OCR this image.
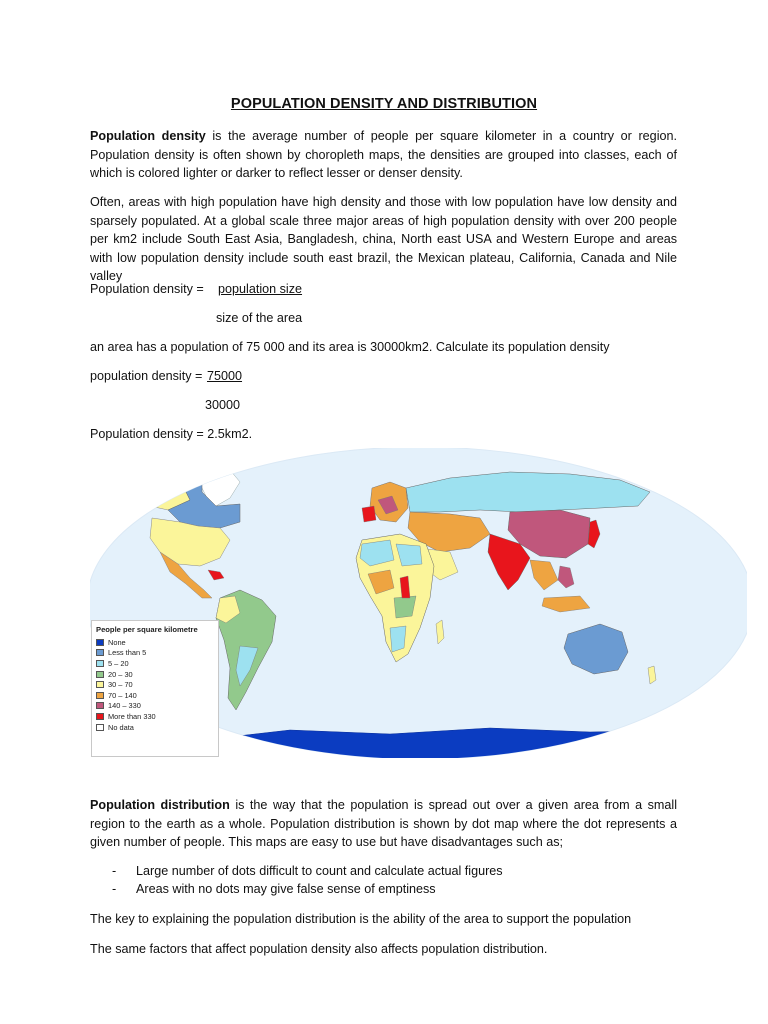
POPULATION DENSITY AND DISTRIBUTION

Population density is the average number of people per square kilometer in a country or region. Population density is often shown by choropleth maps, the densities are grouped into classes, each of which is colored lighter or darker to reflect lesser or denser density.

Often, areas with high population have high density and those with low population have low density and sparsely populated. At a global scale three major areas of high population density with over 200 people per km2 include South East Asia, Bangladesh, china, North east USA and Western Europe and areas with low population density include south east brazil, the Mexican plateau, California, Canada and Nile valley

Population density = population size
size of the area
an area has a population of 75 000 and its area is 30000km2. Calculate its population density
population density = 75000
30000
Population density = 2.5km2.
People per square kilometre
None
Less than 5
5 – 20
20 – 30
30 – 70
70 – 140
140 – 330
More than 330
No data

Population distribution is the way that the population is spread out over a given area from a small region to the earth as a whole. Population distribution is shown by dot map where the dot represents a given number of people. This maps are easy to use but have disadvantages such as;

- Large number of dots difficult to count and calculate actual figures
- Areas with no dots may give false sense of emptiness

The key to explaining the population distribution is the ability of the area to support the population

The same factors that affect population density also affects population distribution.
